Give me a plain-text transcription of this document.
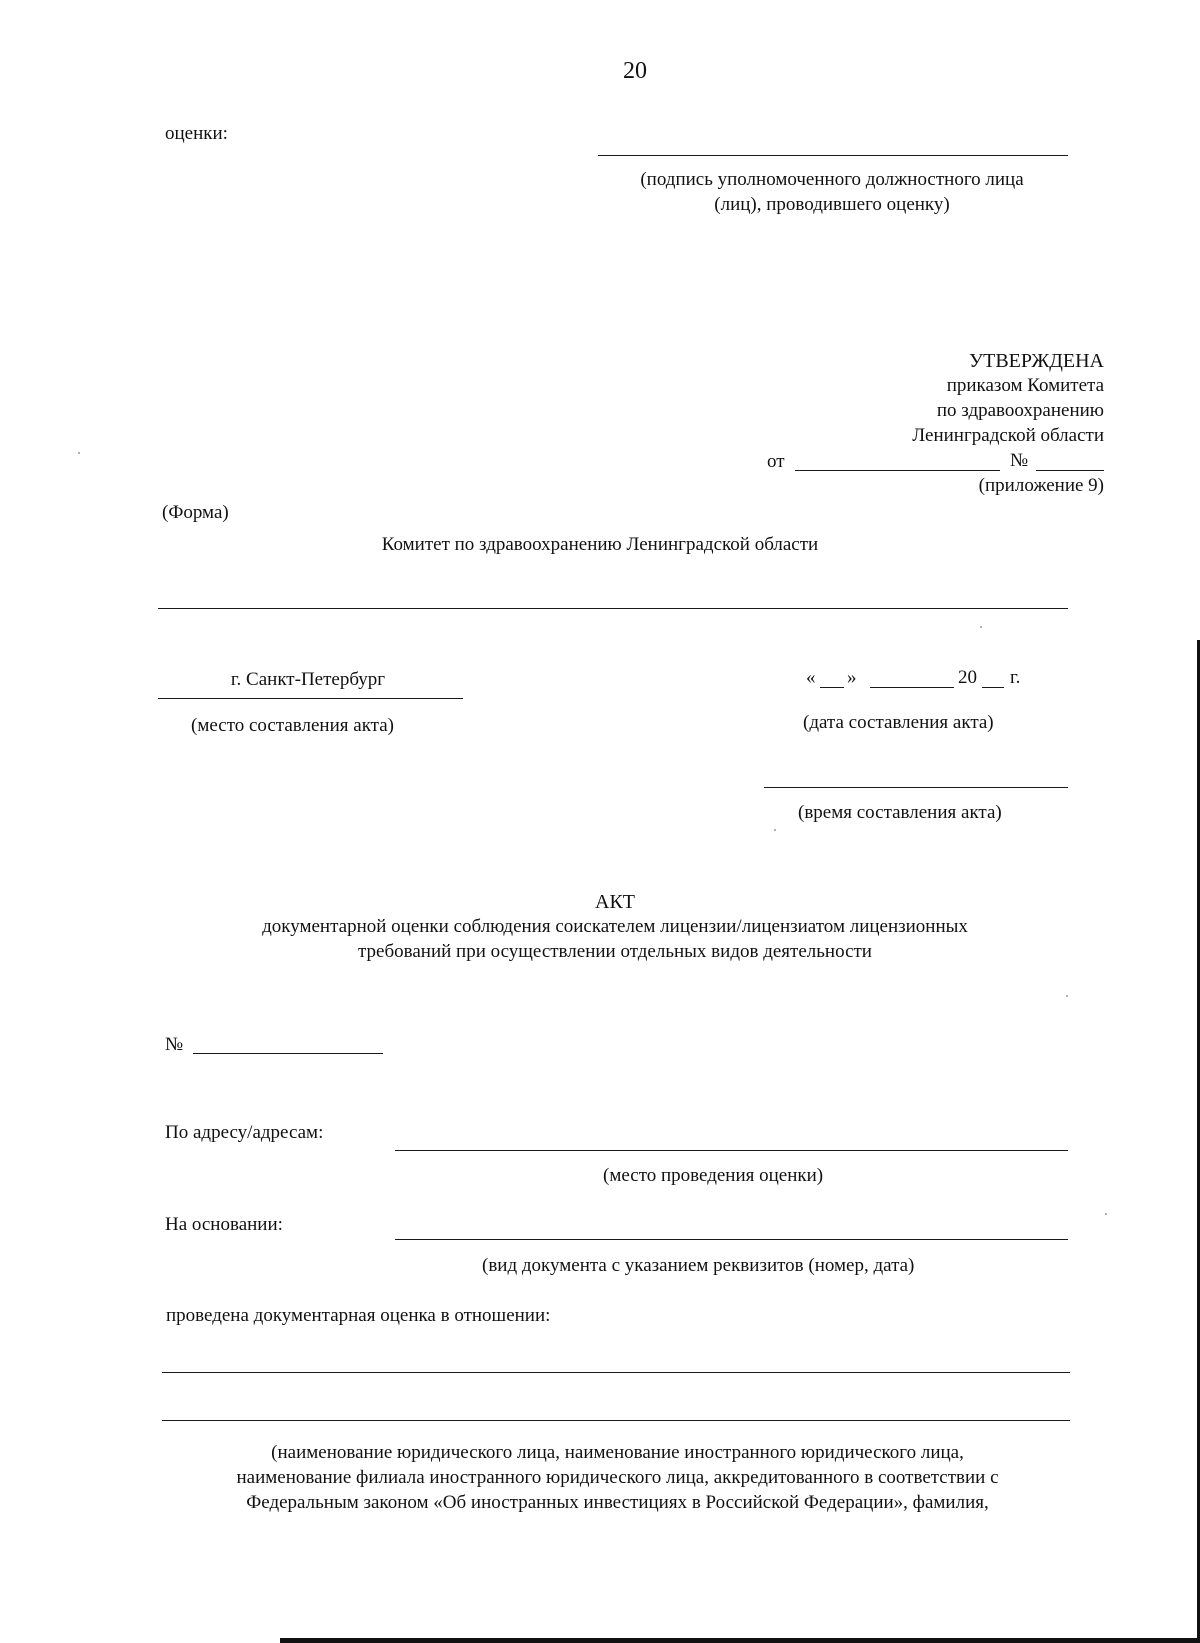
20
оценки:
(подпись уполномоченного должностного лица
(лиц), проводившего оценку)
УТВЕРЖДЕНА
приказом Комитета
по здравоохранению
Ленинградской области
от	№
(приложение 9)
(Форма)
Комитет по здравоохранению Ленинградской области
г. Санкт-Петербург
(место составления акта)
« »	20 г.
(дата составления акта)
(время составления акта)
АКТ
документарной оценки соблюдения соискателем лицензии/лицензиатом лицензионных
требований при осуществлении отдельных видов деятельности
№
По адресу/адресам:
(место проведения оценки)
На основании:
(вид документа с указанием реквизитов (номер, дата)
проведена документарная оценка в отношении:
(наименование юридического лица, наименование иностранного юридического лица,
наименование филиала иностранного юридического лица, аккредитованного в соответствии с
Федеральным законом «Об иностранных инвестициях в Российской Федерации», фамилия,
